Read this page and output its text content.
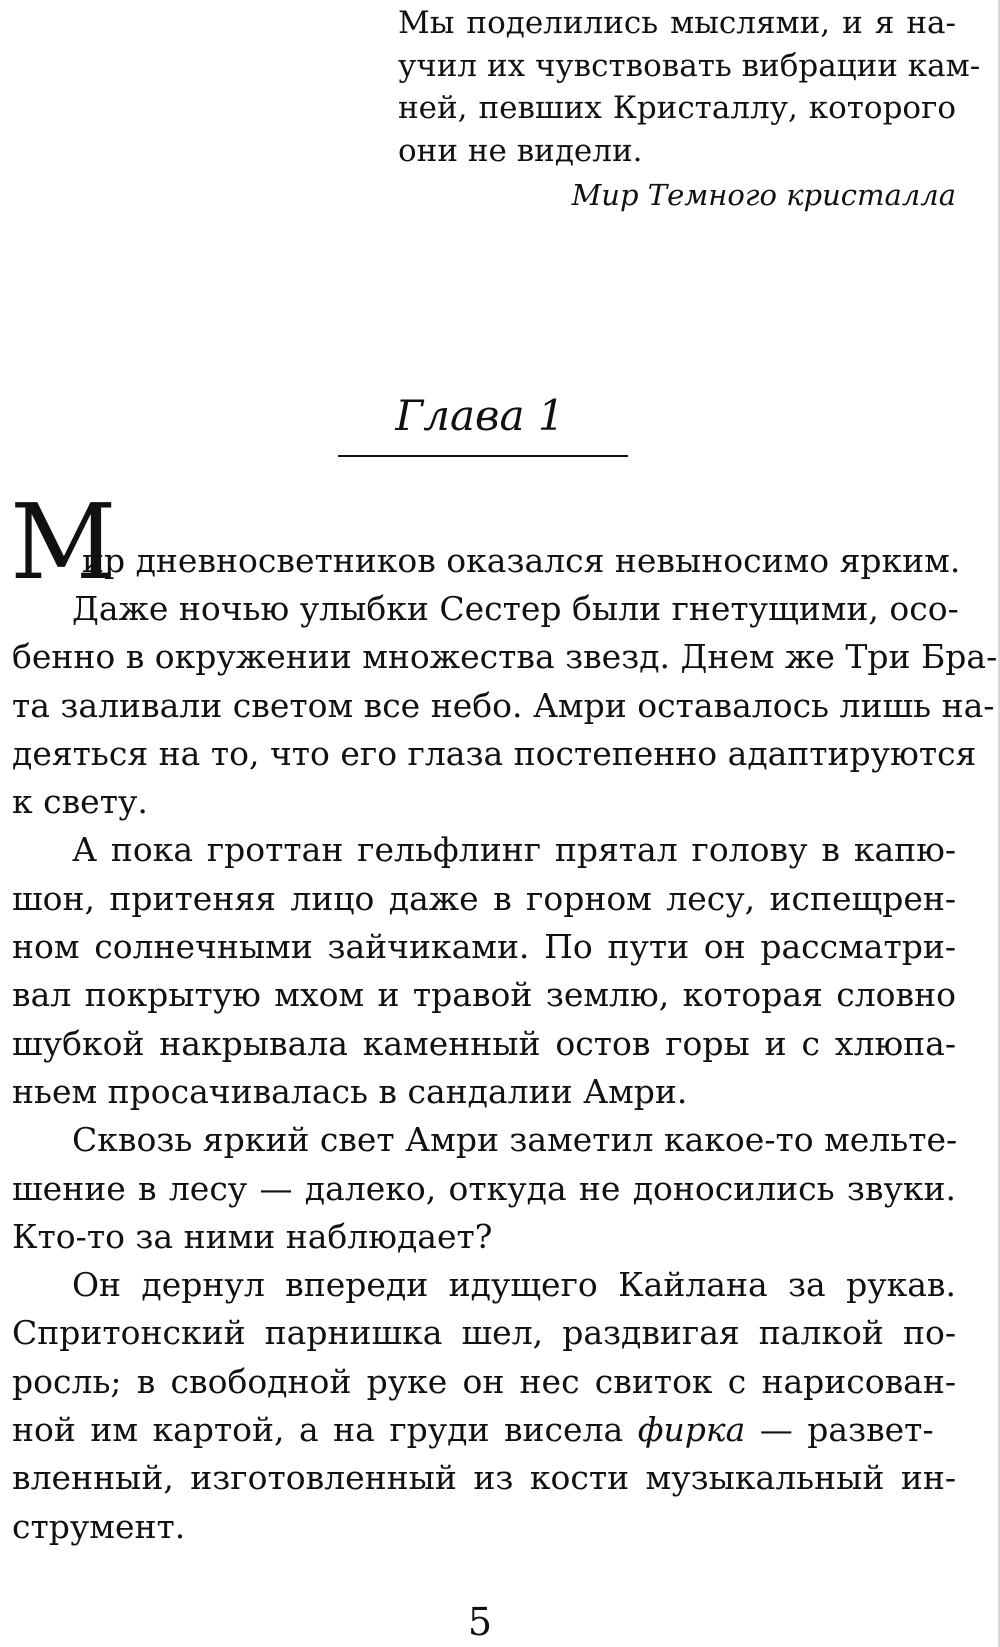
Мы поделились мыслями, и я на-
учил их чувствовать вибрации кам-
ней, певших Кристаллу, которого
они не видели.
Мир Темного кристалла
Глава 1
М
ир дневносветников оказался невыносимо ярким.
Даже ночью улыбки Сестер были гнетущими, осо-
бенно в окружении множества звезд. Днем же Три Бра-
та заливали светом все небо. Амри оставалось лишь на-
деяться на то, что его глаза постепенно адаптируются
к свету.
А пока гроттан гельфлинг прятал голову в капю-
шон, притеняя лицо даже в горном лесу, испещрен-
ном солнечными зайчиками. По пути он рассматри-
вал покрытую мхом и травой землю, которая словно
шубкой накрывала каменный остов горы и с хлюпа-
ньем просачивалась в сандалии Амри.
Сквозь яркий свет Амри заметил какое-то мельте-
шение в лесу — далеко, откуда не доносились звуки.
Кто-то за ними наблюдает?
Он дернул впереди идущего Кайлана за рукав.
Спритонский парнишка шел, раздвигая палкой по-
росль; в свободной руке он нес свиток с нарисован-
ной им картой, а на груди висела фирка — развет-
вленный, изготовленный из кости музыкальный ин-
струмент.
5
